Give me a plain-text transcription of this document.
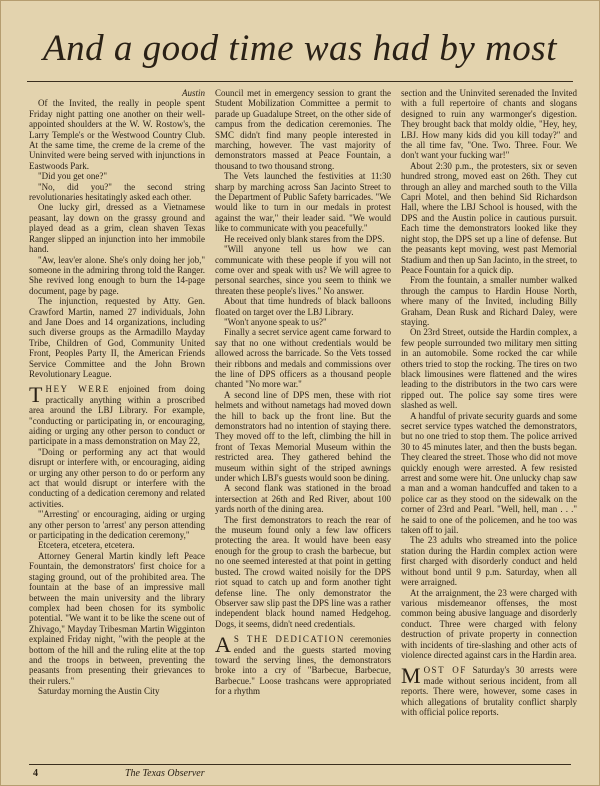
And a good time was had by most

Austin

Of the Invited, the really in people spent Friday night patting one another on their well-appointed shoulders at the W. W. Rostow's, the Larry Temple's or the Westwood Country Club. At the same time, the creme de la creme of the Uninvited were being served with injunctions in Eastwoods Park.

"Did you get one?"

"No, did you?" the second string revolutionaries hesitatingly asked each other.

One lucky girl, dressed as a Vietnamese peasant, lay down on the grassy ground and played dead as a grim, clean shaven Texas Ranger slipped an injunction into her immobile hand.

"Aw, leav'er alone. She's only doing her job," someone in the admiring throng told the Ranger. She revived long enough to burn the 14-page document, page by page.

The injunction, requested by Atty. Gen. Crawford Martin, named 27 individuals, John and Jane Does and 14 organizations, including such diverse groups as the Armadillo Mayday Tribe, Children of God, Community United Front, Peoples Party II, the American Friends Service Committee and the John Brown Revolutionary League.

THEY WERE enjoined from doing practically anything within a proscribed area around the LBJ Library. For example, "conducting or participating in, or encouraging, aiding or urging any other person to conduct or participate in a mass demonstration on May 22,

"Doing or performing any act that would disrupt or interfere with, or encouraging, aiding or urging any other person to do or perform any act that would disrupt or interfere with the conducting of a dedication ceremony and related activities.

"'Arresting' or encouraging, aiding or urging any other person to 'arrest' any person attending or participating in the dedication ceremony,"

Etcetera, etcetera, etcetera.

Attorney General Martin kindly left Peace Fountain, the demonstrators' first choice for a staging ground, out of the prohibited area. The fountain at the base of an impressive mall between the main university and the library complex had been chosen for its symbolic potential. "We want it to be like the scene out of Zhivago," Mayday Tribesman Martin Wigginton explained Friday night, "with the people at the bottom of the hill and the ruling elite at the top and the troops in between, preventing the peasants from presenting their grievances to their rulers."

Saturday morning the Austin City

Council met in emergency session to grant the Student Mobilization Committee a permit to parade up Guadalupe Street, on the other side of campus from the dedication ceremonies. The SMC didn't find many people interested in marching, however. The vast majority of demonstrators massed at Peace Fountain, a thousand to two thousand strong.

The Vets launched the festivities at 11:30 sharp by marching across San Jacinto Street to the Department of Public Safety barricades. "We would like to turn in our medals in protest against the war," their leader said. "We would like to communicate with you peacefully."

He received only blank stares from the DPS.

"Will anyone tell us how we can communicate with these people if you will not come over and speak with us? We will agree to personal searches, since you seem to think we threaten these people's lives." No answer.

About that time hundreds of black balloons floated on target over the LBJ Library.

"Won't anyone speak to us?"

Finally a secret service agent came forward to say that no one without credentials would be allowed across the barricade. So the Vets tossed their ribbons and medals and commissions over the line of DPS officers as a thousand people chanted "No more war."

A second line of DPS men, these with riot helmets and without nametags had moved down the hill to back up the front line. But the demonstrators had no intention of staying there. They moved off to the left, climbing the hill in front of Texas Memorial Museum within the restricted area. They gathered behind the museum within sight of the striped awnings under which LBJ's guests would soon be dining.

A second flank was stationed in the broad intersection at 26th and Red River, about 100 yards north of the dining area.

The first demonstrators to reach the rear of the museum found only a few law officers protecting the area. It would have been easy enough for the group to crash the barbecue, but no one seemed interested at that point in getting busted. The crowd waited noisily for the DPS riot squad to catch up and form another tight defense line. The only demonstrator the Observer saw slip past the DPS line was a rather independent black hound named Hedgehog. Dogs, it seems, didn't need credentials.

A S THE DEDICATION ceremonies ended and the guests started moving toward the serving lines, the demonstrators broke into a cry of "Barbecue, Barbecue, Barbecue." Loose trashcans were appropriated for a rhythm

section and the Uninvited serenaded the Invited with a full repertoire of chants and slogans designed to ruin any warmonger's digestion. They brought back that moldy oldie, "Hey, hey, LBJ. How many kids did you kill today?" and the all time fav, "One. Two. Three. Four. We don't want your fucking war!"

About 2:30 p.m., the protesters, six or seven hundred strong, moved east on 26th. They cut through an alley and marched south to the Villa Capri Motel, and then behind Sid Richardson Hall, where the LBJ School is housed, with the DPS and the Austin police in cautious pursuit. Each time the demonstrators looked like they night stop, the DPS set up a line of defense. But the peasants kept moving, west past Memorial Stadium and then up San Jacinto, in the street, to Peace Fountain for a quick dip.

From the fountain, a smaller number walked through the campus to Hardin House North, where many of the Invited, including Billy Graham, Dean Rusk and Richard Daley, were staying.

On 23rd Street, outside the Hardin complex, a few people surrounded two military men sitting in an automobile. Some rocked the car while others tried to stop the rocking. The tires on two black limousines were flattened and the wires leading to the distributors in the two cars were ripped out. The police say some tires were slashed as well.

A handful of private security guards and some secret service types watched the demonstrators, but no one tried to stop them. The police arrived 30 to 45 minutes later, and then the busts began. They cleared the street. Those who did not move quickly enough were arrested. A few resisted arrest and some were hit. One unlucky chap saw a man and a woman handcuffed and taken to a police car as they stood on the sidewalk on the corner of 23rd and Pearl. "Well, hell, man . . ." he said to one of the policemen, and he too was taken off to jail.

The 23 adults who streamed into the police station during the Hardin complex action were first charged with disorderly conduct and held without bond until 9 p.m. Saturday, when all were arraigned.

At the arraignment, the 23 were charged with various misdemeanor offenses, the most common being abusive language and disorderly conduct. Three were charged with felony destruction of private property in connection with incidents of tire-slashing and other acts of violence directed against cars in the Hardin area.

MOST OF Saturday's 30 arrests were made without serious incident, from all reports. There were, however, some cases in which allegations of brutality conflict sharply with official police reports.

4	The Texas Observer
